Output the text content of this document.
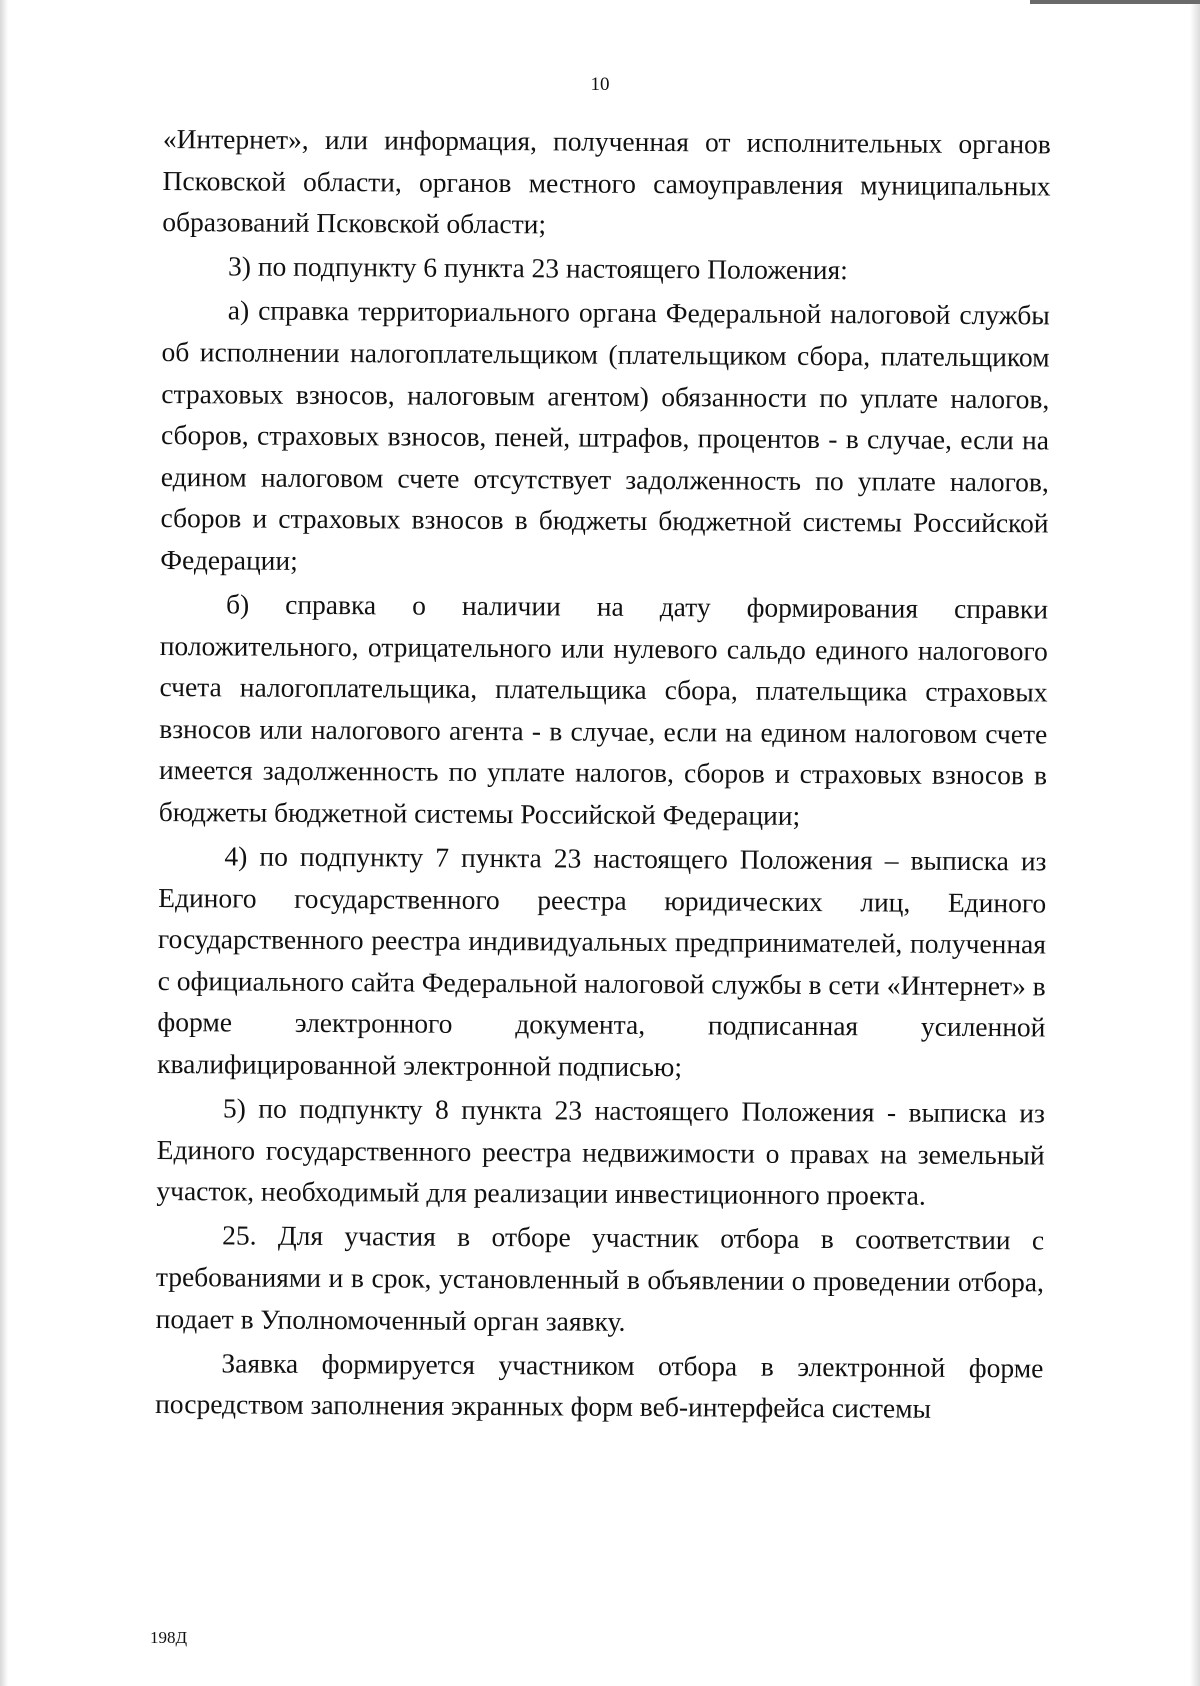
10

«Интернет», или информация, полученная от исполнительных органов Псковской области, органов местного самоуправления муниципальных образований Псковской области;

3) по подпункту 6 пункта 23 настоящего Положения:

а) справка территориального органа Федеральной налоговой службы об исполнении налогоплательщиком (плательщиком сбора, плательщиком страховых взносов, налоговым агентом) обязанности по уплате налогов, сборов, страховых взносов, пеней, штрафов, процентов - в случае, если на едином налоговом счете отсутствует задолженность по уплате налогов, сборов и страховых взносов в бюджеты бюджетной системы Российской Федерации;

б) справка о наличии на дату формирования справки положительного, отрицательного или нулевого сальдо единого налогового счета налогоплательщика, плательщика сбора, плательщика страховых взносов или налогового агента - в случае, если на едином налоговом счете имеется задолженность по уплате налогов, сборов и страховых взносов в бюджеты бюджетной системы Российской Федерации;

4) по подпункту 7 пункта 23 настоящего Положения – выписка из Единого государственного реестра юридических лиц, Единого государственного реестра индивидуальных предпринимателей, полученная с официального сайта Федеральной налоговой службы в сети «Интернет» в форме электронного документа, подписанная усиленной квалифицированной электронной подписью;

5) по подпункту 8 пункта 23 настоящего Положения - выписка из Единого государственного реестра недвижимости о правах на земельный участок, необходимый для реализации инвестиционного проекта.

25. Для участия в отборе участник отбора в соответствии с требованиями и в срок, установленный в объявлении о проведении отбора, подает в Уполномоченный орган заявку.

Заявка формируется участником отбора в электронной форме посредством заполнения экранных форм веб-интерфейса системы

198Д
